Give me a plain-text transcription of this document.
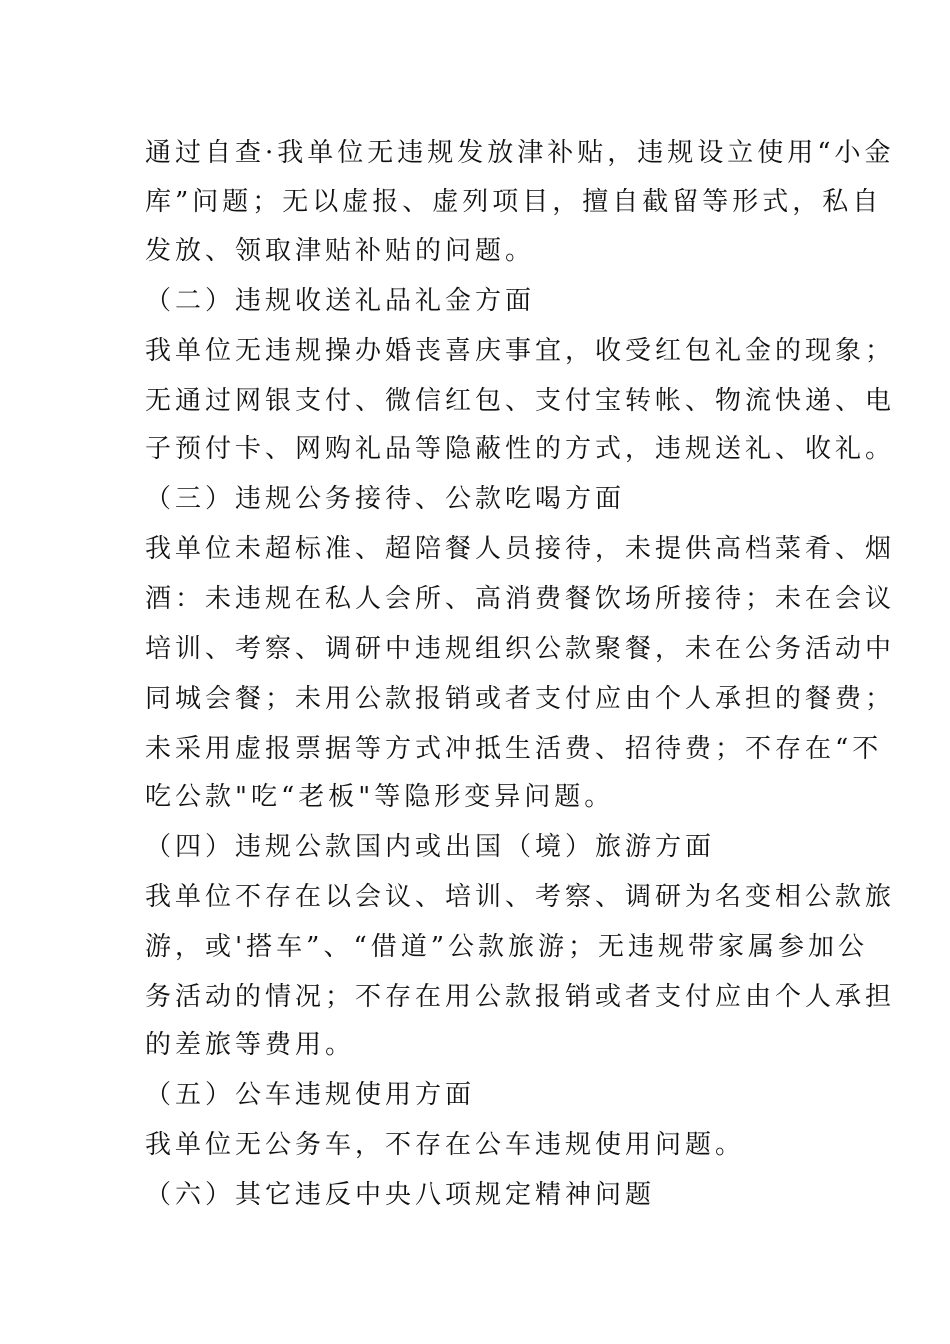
通过自查·我单位无违规发放津补贴，违规设立使用“小金
库”问题；无以虚报、虚列项目，擅自截留等形式，私自
发放、领取津贴补贴的问题。
（二）违规收送礼品礼金方面
我单位无违规操办婚丧喜庆事宜，收受红包礼金的现象；
无通过网银支付、微信红包、支付宝转帐、物流快递、电
子预付卡、网购礼品等隐蔽性的方式，违规送礼、收礼。
（三）违规公务接待、公款吃喝方面
我单位未超标准、超陪餐人员接待，未提供高档菜肴、烟
酒：未违规在私人会所、高消费餐饮场所接待；未在会议
培训、考察、调研中违规组织公款聚餐，未在公务活动中
同城会餐；未用公款报销或者支付应由个人承担的餐费；
未采用虚报票据等方式冲抵生活费、招待费；不存在“不
吃公款"吃“老板"等隐形变异问题。
（四）违规公款国内或出国（境）旅游方面
我单位不存在以会议、培训、考察、调研为名变相公款旅
游，或'搭车”、“借道”公款旅游；无违规带家属参加公
务活动的情况；不存在用公款报销或者支付应由个人承担
的差旅等费用。
（五）公车违规使用方面
我单位无公务车，不存在公车违规使用问题。
（六）其它违反中央八项规定精神问题
